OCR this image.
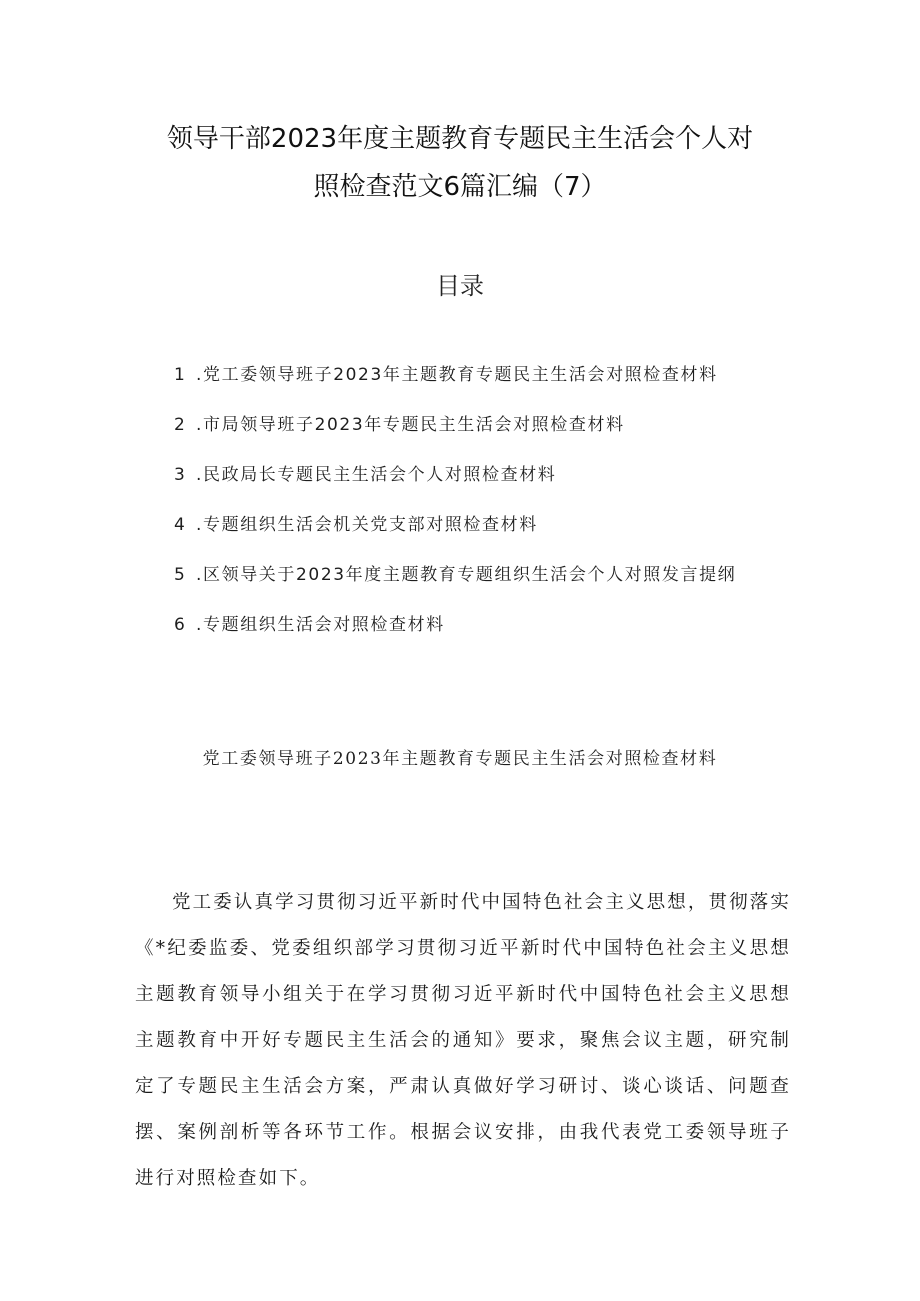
领导干部2023年度主题教育专题民主生活会个人对
照检查范文6篇汇编（7）
目录
1 .党工委领导班子2023年主题教育专题民主生活会对照检查材料
2 .市局领导班子2023年专题民主生活会对照检查材料
3 .民政局长专题民主生活会个人对照检查材料
4 .专题组织生活会机关党支部对照检查材料
5 .区领导关于2023年度主题教育专题组织生活会个人对照发言提纲
6 .专题组织生活会对照检查材料
党工委领导班子2023年主题教育专题民主生活会对照检查材料

党工委认真学习贯彻习近平新时代中国特色社会主义思想，贯彻落实《*纪委监委、党委组织部学习贯彻习近平新时代中国特色社会主义思想主题教育领导小组关于在学习贯彻习近平新时代中国特色社会主义思想主题教育中开好专题民主生活会的通知》要求，聚焦会议主题，研究制定了专题民主生活会方案，严肃认真做好学习研讨、谈心谈话、问题查摆、案例剖析等各环节工作。根据会议安排，由我代表党工委领导班子进行对照检查如下。
